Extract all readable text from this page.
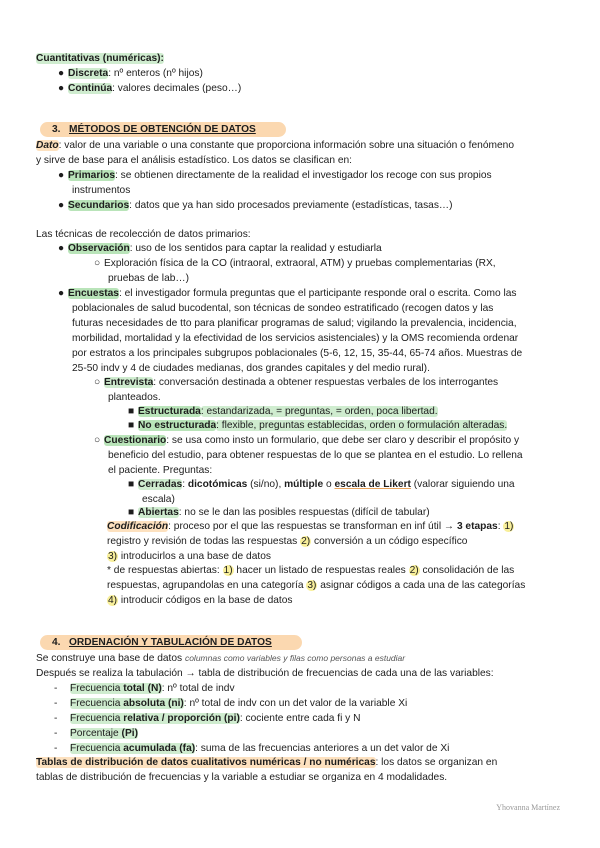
Cuantitativas (numéricas):
● Discreta: nº enteros (nº hijos)
● Continúa: valores decimales (peso…)
3. MÉTODOS DE OBTENCIÓN DE DATOS
Dato: valor de una variable o una constante que proporciona información sobre una situación o fenómeno
y sirve de base para el análisis estadístico. Los datos se clasifican en:
● Primarios: se obtienen directamente de la realidad el investigador los recoge con sus propios
instrumentos
● Secundarios: datos que ya han sido procesados previamente (estadísticas, tasas…)
Las técnicas de recolección de datos primarios:
● Observación: uso de los sentidos para captar la realidad y estudiarla
○ Exploración física de la CO (intraoral, extraoral, ATM) y pruebas complementarias (RX,
pruebas de lab…)
● Encuestas: el investigador formula preguntas que el participante responde oral o escrita. Como las
poblacionales de salud bucodental, son técnicas de sondeo estratificado (recogen datos y las
futuras necesidades de tto para planificar programas de salud; vigilando la prevalencia, incidencia,
morbilidad, mortalidad y la efectividad de los servicios asistenciales) y la OMS recomienda ordenar
por estratos a los principales subgrupos poblacionales (5-6, 12, 15, 35-44, 65-74 años. Muestras de
25-50 indv y 4 de ciudades medianas, dos grandes capitales y del medio rural).
○ Entrevista: conversación destinada a obtener respuestas verbales de los interrogantes
planteados.
■ Estructurada: estandarizada, = preguntas, = orden, poca libertad.
■ No estructurada: flexible, preguntas establecidas, orden o formulación alteradas.
○ Cuestionario: se usa como insto un formulario, que debe ser claro y describir el propósito y
beneficio del estudio, para obtener respuestas de lo que se plantea en el estudio. Lo rellena
el paciente. Preguntas:
■ Cerradas: dicotómicas (si/no), múltiple o escala de Likert (valorar siguiendo una
escala)
■ Abiertas: no se le dan las posibles respuestas (difícil de tabular)
Codificación: proceso por el que las respuestas se transforman en inf útil → 3 etapas: 1)
registro y revisión de todas las respuestas 2) conversión a un código específico
3) introducirlos a una base de datos
* de respuestas abiertas: 1) hacer un listado de respuestas reales 2) consolidación de las
respuestas, agrupandolas en una categoría 3) asignar códigos a cada una de las categorías
4) introducir códigos en la base de datos
4. ORDENACIÓN Y TABULACIÓN DE DATOS
Se construye una base de datos columnas como variables y filas como personas a estudiar
Después se realiza la tabulación → tabla de distribución de frecuencias de cada una de las variables:
- Frecuencia total (N): nº total de indv
- Frecuencia absoluta (ni): nº total de indv con un det valor de la variable Xi
- Frecuencia relativa / proporción (pi): cociente entre cada fi y N
- Porcentaje (Pi)
- Frecuencia acumulada (fa): suma de las frecuencias anteriores a un det valor de Xi
Tablas de distribución de datos cualitativos numéricas / no numéricas: los datos se organizan en
tablas de distribución de frecuencias y la variable a estudiar se organiza en 4 modalidades.
Yhovanna Martínez
